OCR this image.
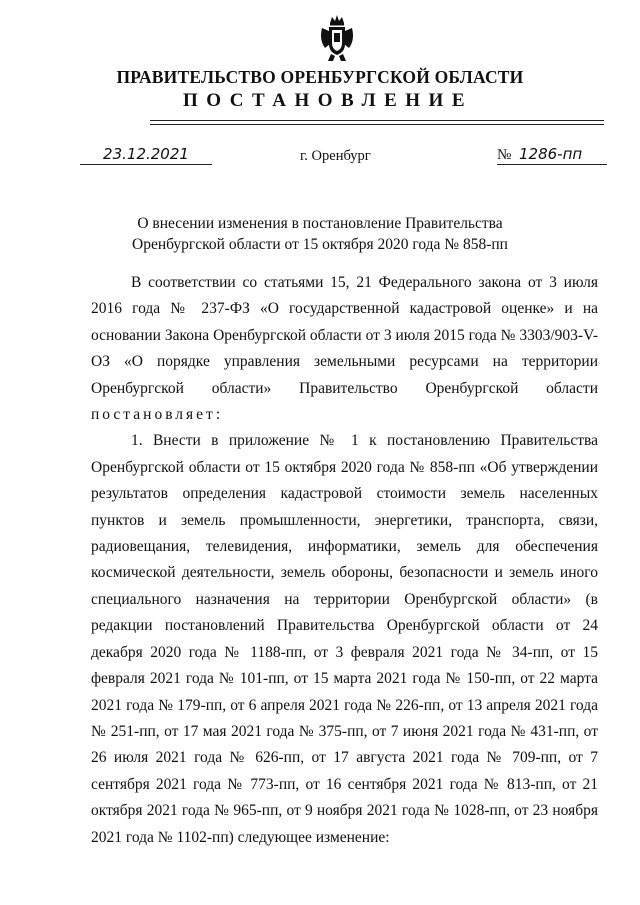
ПРАВИТЕЛЬСТВО ОРЕНБУРГСКОЙ ОБЛАСТИ
ПОСТАНОВЛЕНИЕ
23.12.2021	г. Оренбург	№ 1286-пп
О внесении изменения в постановление Правительства
Оренбургской области от 15 октября 2020 года № 858-пп

В соответствии со статьями 15, 21 Федерального закона от 3 июля 2016 года № 237-ФЗ «О государственной кадастровой оценке» и на основании Закона Оренбургской области от 3 июля 2015 года № 3303/903-V-ОЗ «О порядке управления земельными ресурсами на территории Оренбургской области» Правительство Оренбургской области постановляет:

1. Внести в приложение № 1 к постановлению Правительства Оренбургской области от 15 октября 2020 года № 858-пп «Об утверждении результатов определения кадастровой стоимости земель населенных пунктов и земель промышленности, энергетики, транспорта, связи, радиовещания, телевидения, информатики, земель для обеспечения космической деятельности, земель обороны, безопасности и земель иного специального назначения на территории Оренбургской области» (в редакции постановлений Правительства Оренбургской области от 24 декабря 2020 года № 1188-пп, от 3 февраля 2021 года № 34-пп, от 15 февраля 2021 года № 101-пп, от 15 марта 2021 года № 150-пп, от 22 марта 2021 года № 179-пп, от 6 апреля 2021 года № 226-пп, от 13 апреля 2021 года № 251-пп, от 17 мая 2021 года № 375-пп, от 7 июня 2021 года № 431-пп, от 26 июля 2021 года № 626-пп, от 17 августа 2021 года № 709-пп, от 7 сентября 2021 года № 773-пп, от 16 сентября 2021 года № 813-пп, от 21 октября 2021 года № 965-пп, от 9 ноября 2021 года № 1028-пп, от 23 ноября 2021 года № 1102-пп) следующее изменение:
